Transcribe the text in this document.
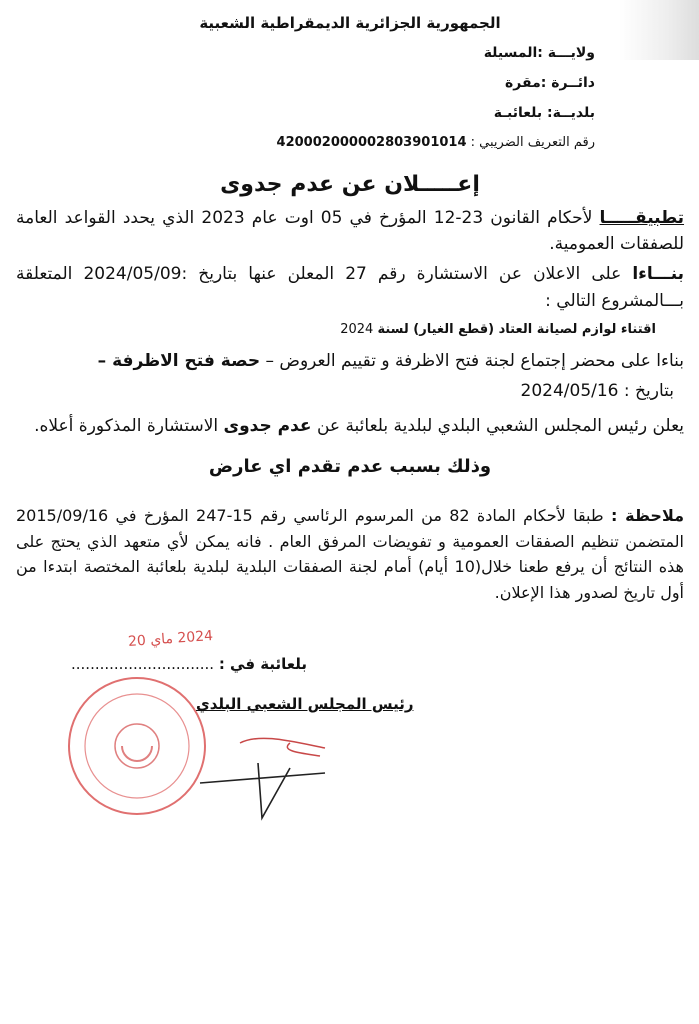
الجمهورية الجزائرية الديمقراطية الشعبية
ولايـــة :المسيلة
دائــرة :مقرة
بلديــة: بلعائبـة
رقم التعريف الضريبي : 420002000002803901014
إعـــــلان عن عدم جدوى
تطبيقـــــا لأحكام القانون 23-12 المؤرخ في 05 اوت عام 2023 الذي يحدد القواعد العامة للصفقات العمومية.
بنـــاءا على الاعلان عن الاستشارة رقم 27 المعلن عنها بتاريخ :2024/05/09 المتعلقة بـــالمشروع التالي :
اقتناء لوازم لصيانة العتاد (قطع الغيار) لسنة 2024
بناءا على محضر إجتماع لجنة فتح الاظرفة و تقييم العروض – حصة فتح الاظرفة –
بتاريخ : 2024/05/16
يعلن رئيس المجلس الشعبي البلدي لبلدية بلعائبة عن عدم جدوى الاستشارة المذكورة أعلاه.
وذلك بسبب عدم تقدم اي عارض
ملاحظة : طبقا لأحكام المادة 82 من المرسوم الرئاسي رقم 15-247 المؤرخ في 2015/09/16 المتضمن تنظيم الصفقات العمومية و تفويضات المرفق العام . فانه يمكن لأي متعهد الذي يحتج على هذه النتائج أن يرفع طعنا خلال(10 أيام) أمام لجنة الصفقات البلدية لبلدية بلعائبة المختصة ابتدءا من أول تاريخ لصدور هذا الإعلان.
2024 ماي 20
بلعائبة في : ..............................
رئيس المجلس الشعبي البلدي
